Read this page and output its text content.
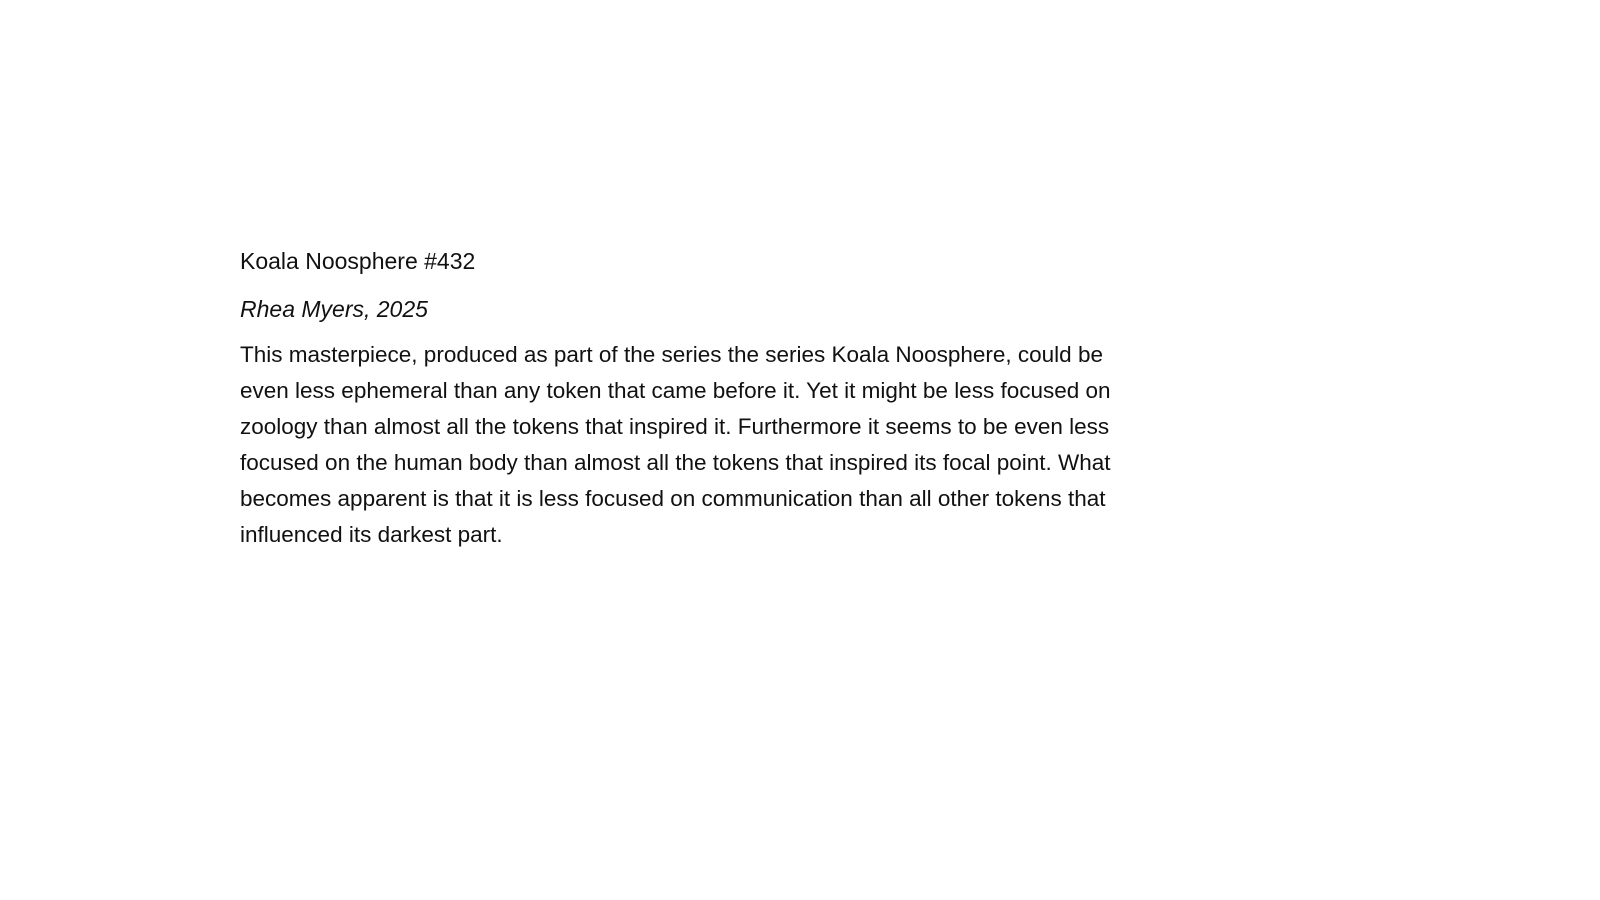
Koala Noosphere #432

Rhea Myers, 2025

This masterpiece, produced as part of the series the series Koala Noosphere, could be even less ephemeral than any token that came before it. Yet it might be less focused on zoology than almost all the tokens that inspired it. Furthermore it seems to be even less focused on the human body than almost all the tokens that inspired its focal point. What becomes apparent is that it is less focused on communication than all other tokens that influenced its darkest part.
